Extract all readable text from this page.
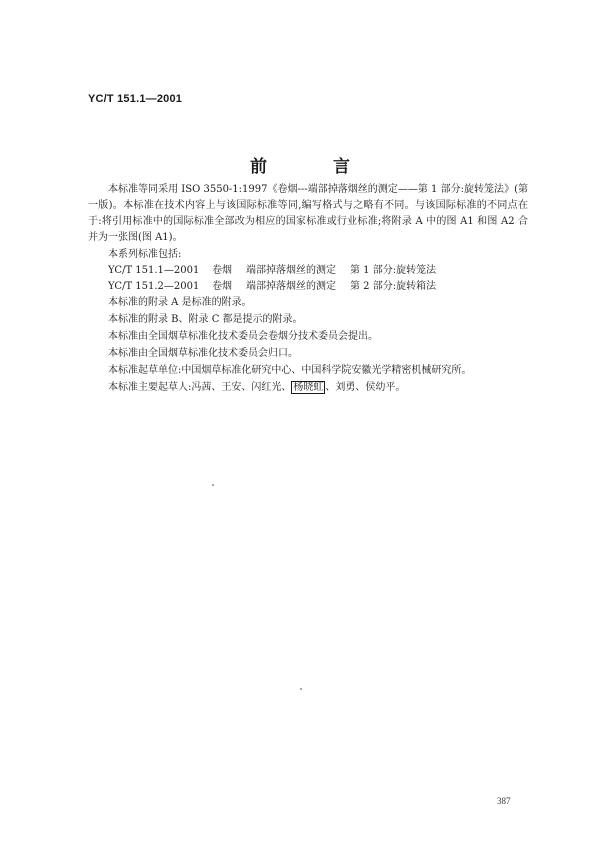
YC/T 151.1—2001
前 言

本标准等同采用 ISO 3550-1:1997《卷烟---端部掉落烟丝的测定——第 1 部分:旋转笼法》(第一版)。本标准在技术内容上与该国际标准等同,编写格式与之略有不同。与该国际标准的不同点在于:将引用标准中的国际标准全部改为相应的国家标准或行业标准;将附录 A 中的图 A1 和图 A2 合并为一张图(图 A1)。

本系列标准包括:

YC/T 151.1—2001 卷烟 端部掉落烟丝的测定 第 1 部分:旋转笼法

YC/T 151.2—2001 卷烟 端部掉落烟丝的测定 第 2 部分:旋转箱法

本标准的附录 A 是标准的附录。

本标准的附录 B、附录 C 都是提示的附录。

本标准由全国烟草标准化技术委员会卷烟分技术委员会提出。

本标准由全国烟草标准化技术委员会归口。

本标准起草单位:中国烟草标准化研究中心、中国科学院安徽光学精密机械研究所。

本标准主要起草人:冯茜、王安、闪红光、 杨晓虹 、刘勇、侯幼平。

387
